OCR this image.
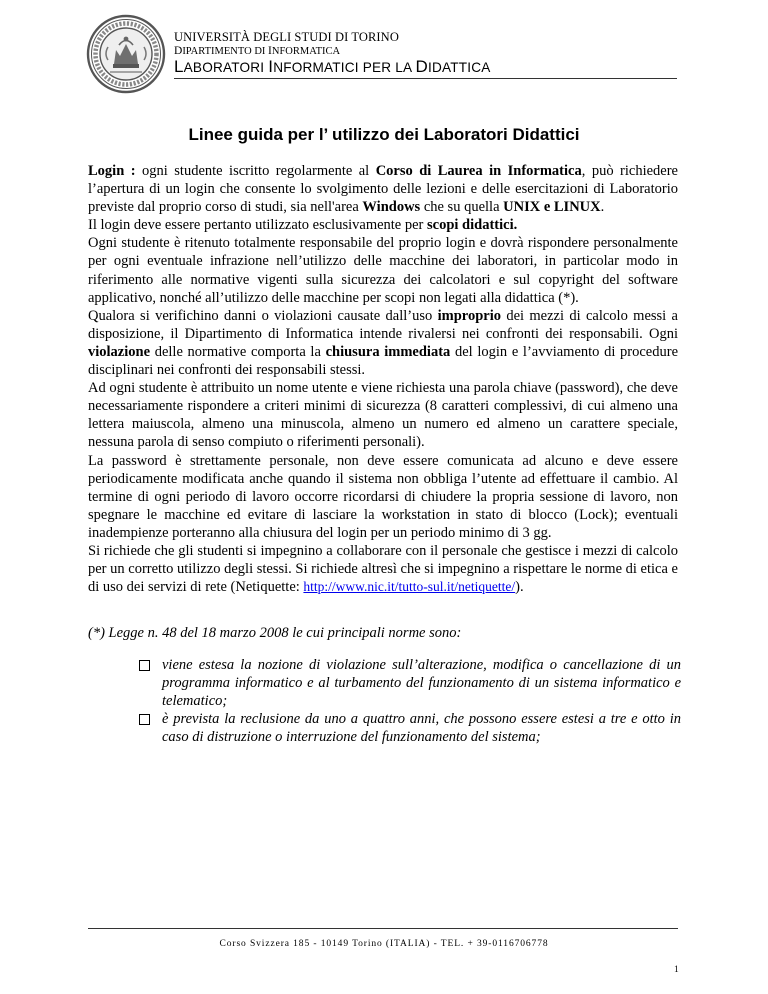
UNIVERSITÀ DEGLI STUDI DI TORINO
DIPARTIMENTO DI INFORMATICA
LABORATORI INFORMATICI PER LA DIDATTICA
Linee guida per l’ utilizzo dei Laboratori Didattici

Login : ogni studente iscritto regolarmente al Corso di Laurea in Informatica, può richiedere l’apertura di un login che consente lo svolgimento delle lezioni e delle esercitazioni di Laboratorio previste dal proprio corso di studi, sia nell'area Windows che su quella UNIX e LINUX.

Il login deve essere pertanto utilizzato esclusivamente per scopi didattici.

Ogni studente è ritenuto totalmente responsabile del proprio login e dovrà rispondere personalmente per ogni eventuale infrazione nell’utilizzo delle macchine dei laboratori, in particolar modo in riferimento alle normative vigenti sulla sicurezza dei calcolatori e sul copyright del software applicativo, nonché all’utilizzo delle macchine per scopi non legati alla didattica (*).

Qualora si verifichino danni o violazioni causate dall’uso improprio dei mezzi di calcolo messi a disposizione, il Dipartimento di Informatica intende rivalersi nei confronti dei responsabili. Ogni violazione delle normative comporta la chiusura immediata del login e l’avviamento di procedure disciplinari nei confronti dei responsabili stessi.

Ad ogni studente è attribuito un nome utente e viene richiesta una parola chiave (password), che deve necessariamente rispondere a criteri minimi di sicurezza (8 caratteri complessivi, di cui almeno una lettera maiuscola, almeno una minuscola, almeno un numero ed almeno un carattere speciale, nessuna parola di senso compiuto o riferimenti personali).

La password è strettamente personale, non deve essere comunicata ad alcuno e deve essere periodicamente modificata anche quando il sistema non obbliga l’utente ad effettuare il cambio. Al termine di ogni periodo di lavoro occorre ricordarsi di chiudere la propria sessione di lavoro, non spegnare le macchine ed evitare di lasciare la workstation in stato di blocco (Lock); eventuali inadempienze porteranno alla chiusura del login per un periodo minimo di 3 gg.

Si richiede che gli studenti si impegnino a collaborare con il personale che gestisce i mezzi di calcolo per un corretto utilizzo degli stessi. Si richiede altresì che si impegnino a rispettare le norme di etica e di uso dei servizi di rete (Netiquette: http://www.nic.it/tutto-sul.it/netiquette/).

(*) Legge n. 48 del 18 marzo 2008 le cui principali norme sono:
viene estesa la nozione di violazione sull’alterazione, modifica o cancellazione di un programma informatico e al turbamento del funzionamento di un sistema informatico e telematico;
è prevista la reclusione da uno a quattro anni, che possono essere estesi a tre e otto in caso di distruzione o interruzione del funzionamento del sistema;
Corso Svizzera 185 - 10149 Torino (ITALIA) - TEL. + 39-0116706778
1
